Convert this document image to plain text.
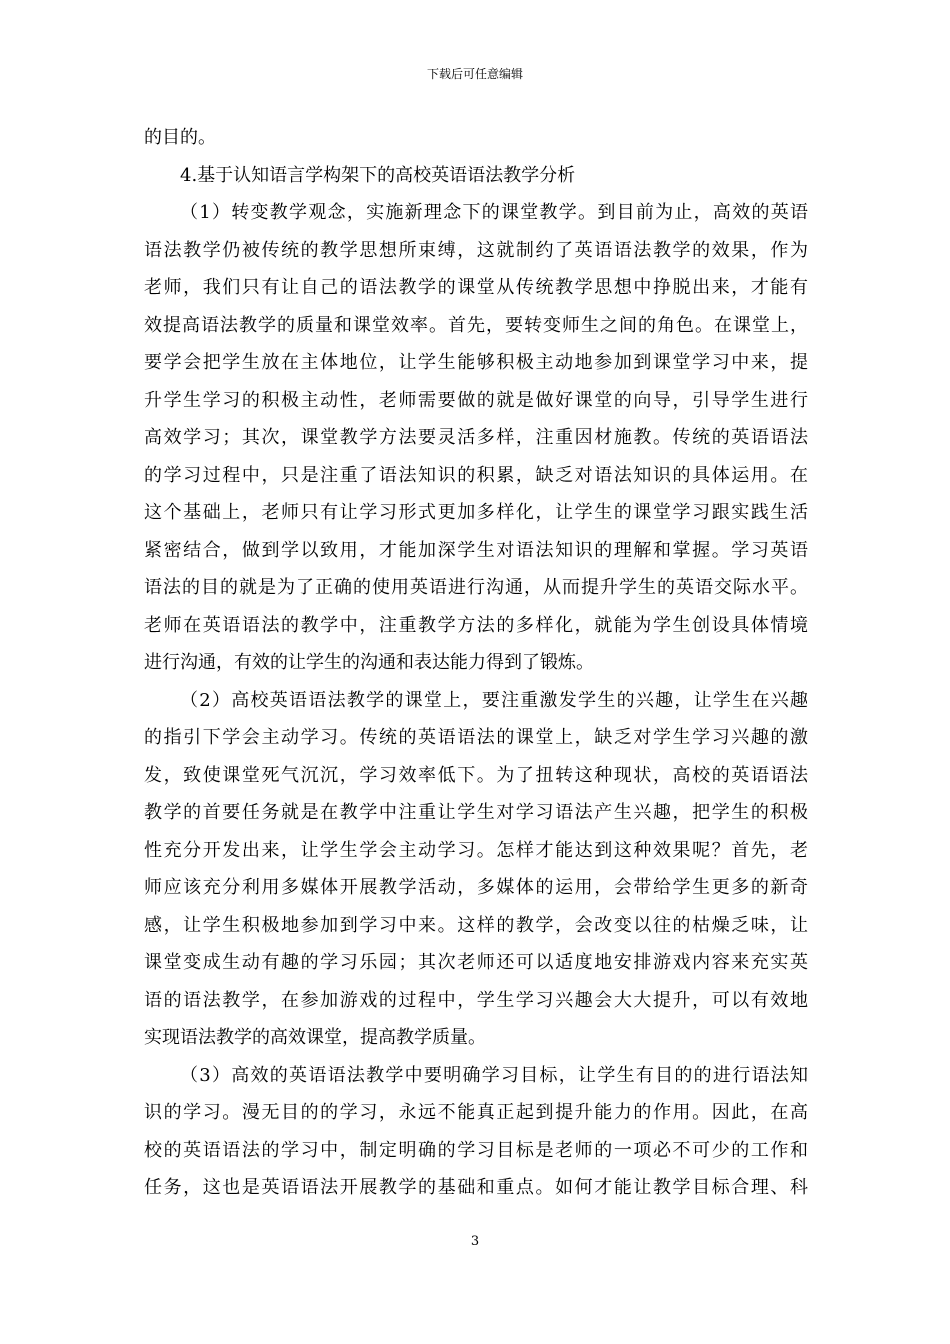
下载后可任意编辑
的目的。
4.基于认知语言学构架下的高校英语语法教学分析
（1）转变教学观念，实施新理念下的课堂教学。到目前为止，高效的英语
语法教学仍被传统的教学思想所束缚，这就制约了英语语法教学的效果，作为
老师，我们只有让自己的语法教学的课堂从传统教学思想中挣脱出来，才能有
效提高语法教学的质量和课堂效率。首先，要转变师生之间的角色。在课堂上，
要学会把学生放在主体地位，让学生能够积极主动地参加到课堂学习中来，提
升学生学习的积极主动性，老师需要做的就是做好课堂的向导，引导学生进行
高效学习；其次，课堂教学方法要灵活多样，注重因材施教。传统的英语语法
的学习过程中，只是注重了语法知识的积累，缺乏对语法知识的具体运用。在
这个基础上，老师只有让学习形式更加多样化，让学生的课堂学习跟实践生活
紧密结合，做到学以致用，才能加深学生对语法知识的理解和掌握。学习英语
语法的目的就是为了正确的使用英语进行沟通，从而提升学生的英语交际水平。
老师在英语语法的教学中，注重教学方法的多样化，就能为学生创设具体情境
进行沟通，有效的让学生的沟通和表达能力得到了锻炼。
（2）高校英语语法教学的课堂上，要注重激发学生的兴趣，让学生在兴趣
的指引下学会主动学习。传统的英语语法的课堂上，缺乏对学生学习兴趣的激
发，致使课堂死气沉沉，学习效率低下。为了扭转这种现状，高校的英语语法
教学的首要任务就是在教学中注重让学生对学习语法产生兴趣，把学生的积极
性充分开发出来，让学生学会主动学习。怎样才能达到这种效果呢？首先，老
师应该充分利用多媒体开展教学活动，多媒体的运用，会带给学生更多的新奇
感，让学生积极地参加到学习中来。这样的教学，会改变以往的枯燥乏味，让
课堂变成生动有趣的学习乐园；其次老师还可以适度地安排游戏内容来充实英
语的语法教学，在参加游戏的过程中，学生学习兴趣会大大提升，可以有效地
实现语法教学的高效课堂，提高教学质量。
（3）高效的英语语法教学中要明确学习目标，让学生有目的的进行语法知
识的学习。漫无目的的学习，永远不能真正起到提升能力的作用。因此，在高
校的英语语法的学习中，制定明确的学习目标是老师的一项必不可少的工作和
任务，这也是英语语法开展教学的基础和重点。如何才能让教学目标合理、科
3
